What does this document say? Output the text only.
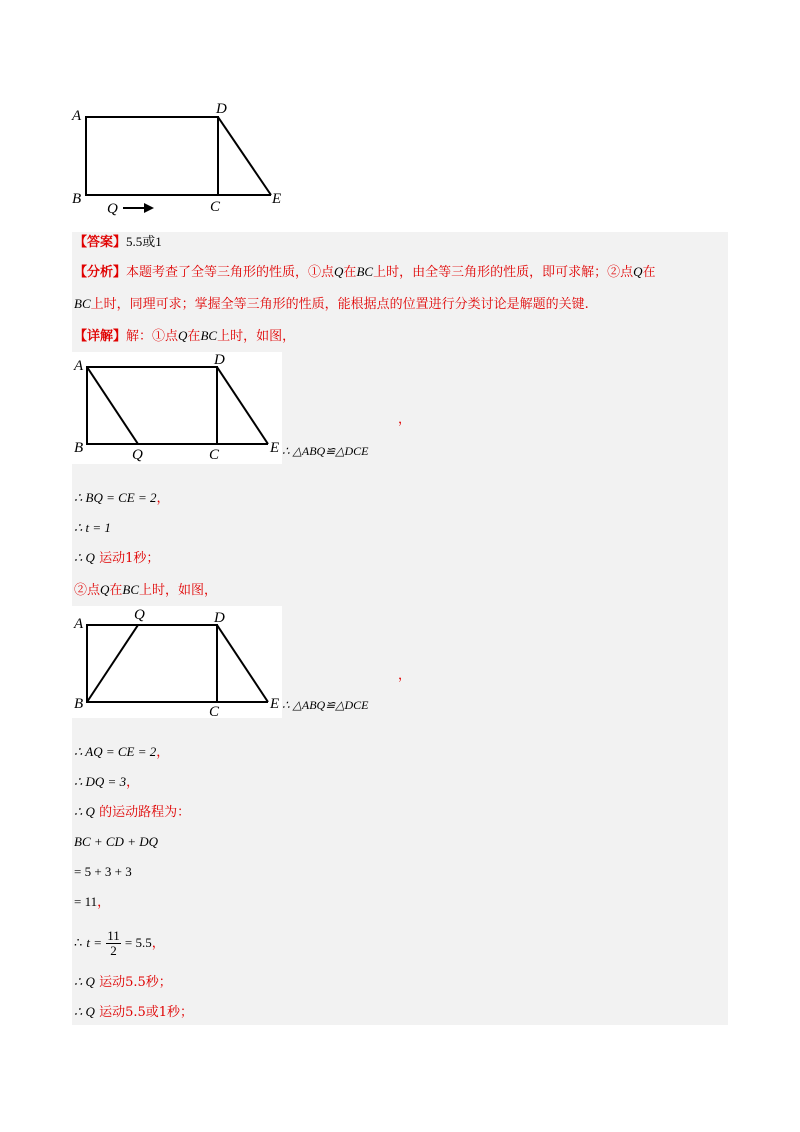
A	D
B	C	E
Q
【答案】5.5或1
【分析】本题考查了全等三角形的性质，①点Q在BC上时，由全等三角形的性质，即可求解；②点Q在
BC上时，同理可求；掌握全等三角形的性质，能根据点的位置进行分类讨论是解题的关键.
【详解】解：①点Q在BC上时，如图，
A	D
B	Q	C	E
，
∴ △ABQ≌△DCE
∴ BQ = CE = 2，
∴ t = 1
∴ Q 运动1秒；
②点Q在BC上时，如图，
A
Q	D
B	C	E
，
∴ △ABQ≌△DCE
∴ AQ = CE = 2，
∴ DQ = 3，
∴ Q 的运动路程为：
BC + CD + DQ
= 5 + 3 + 3
= 11，
∴ $t = \frac{11}{2} = 5.5$，
∴ Q 运动5.5秒；
∴ Q 运动5.5或1秒；
